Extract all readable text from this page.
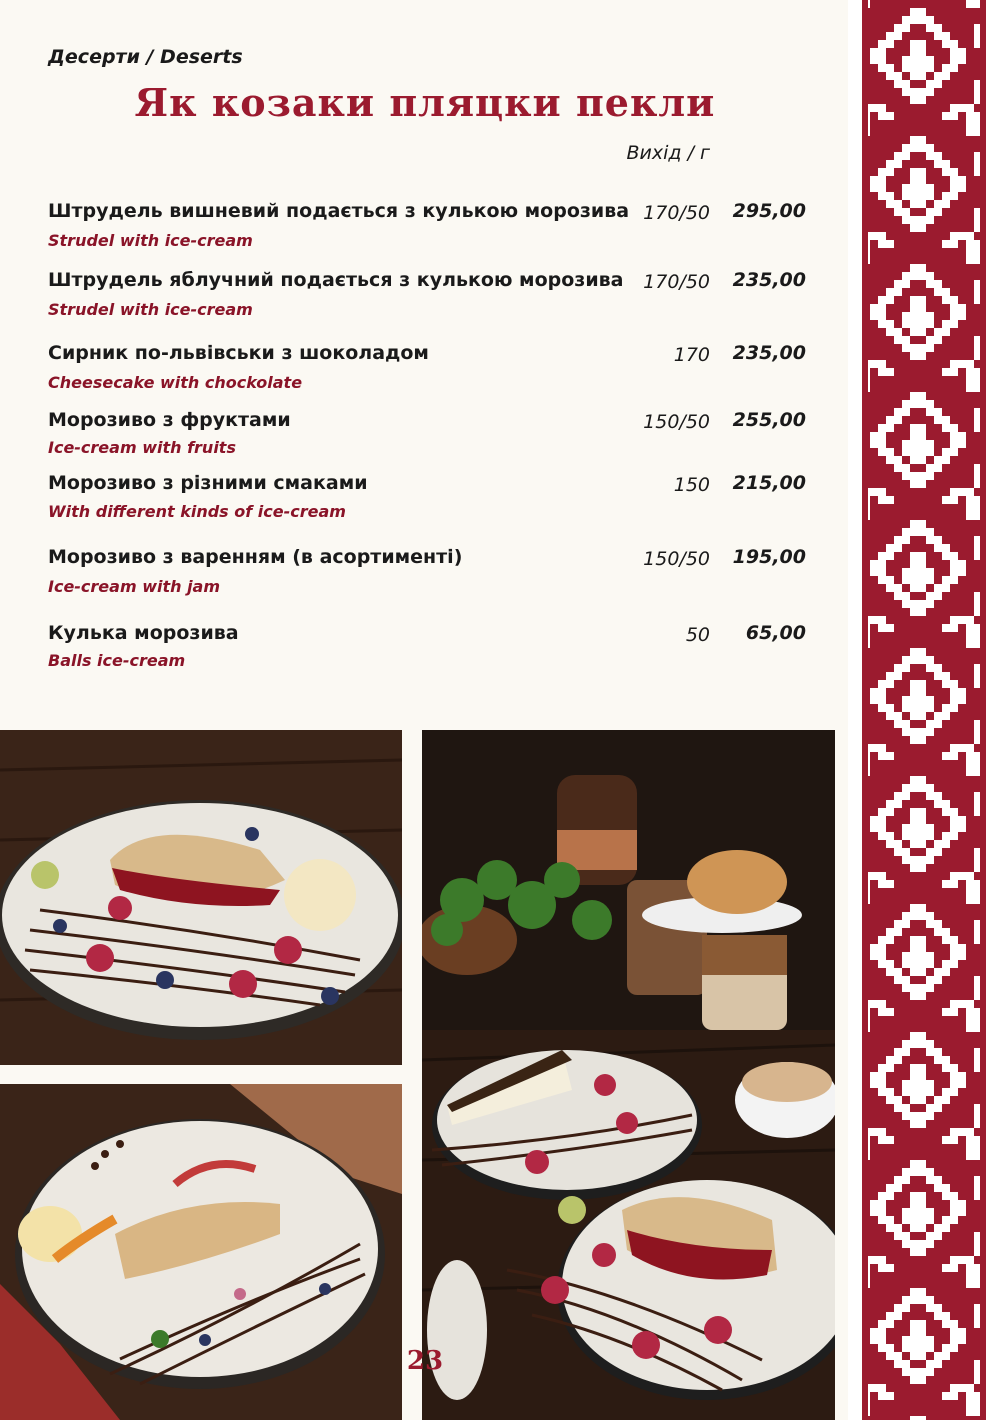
Десерти / Deserts
Як козаки пляцки пекли
Вихід / г
Штрудель вишневий подається з кулькою морозива
Strudel with ice-cream
170/50	295,00
Штрудель яблучний подається з кулькою морозива
Strudel with ice-cream
170/50	235,00
Сирник по-львівськи з шоколадом
Cheesecake with chockolate
170	235,00
Морозиво з фруктами
Ice-cream with fruits
150/50	255,00
Морозиво з різними смаками
With different kinds of ice-cream
150	215,00
Морозиво з варенням (в асортименті)
Ice-cream with jam
150/50	195,00
Кулька морозива
Balls ice-cream
50	65,00
23
